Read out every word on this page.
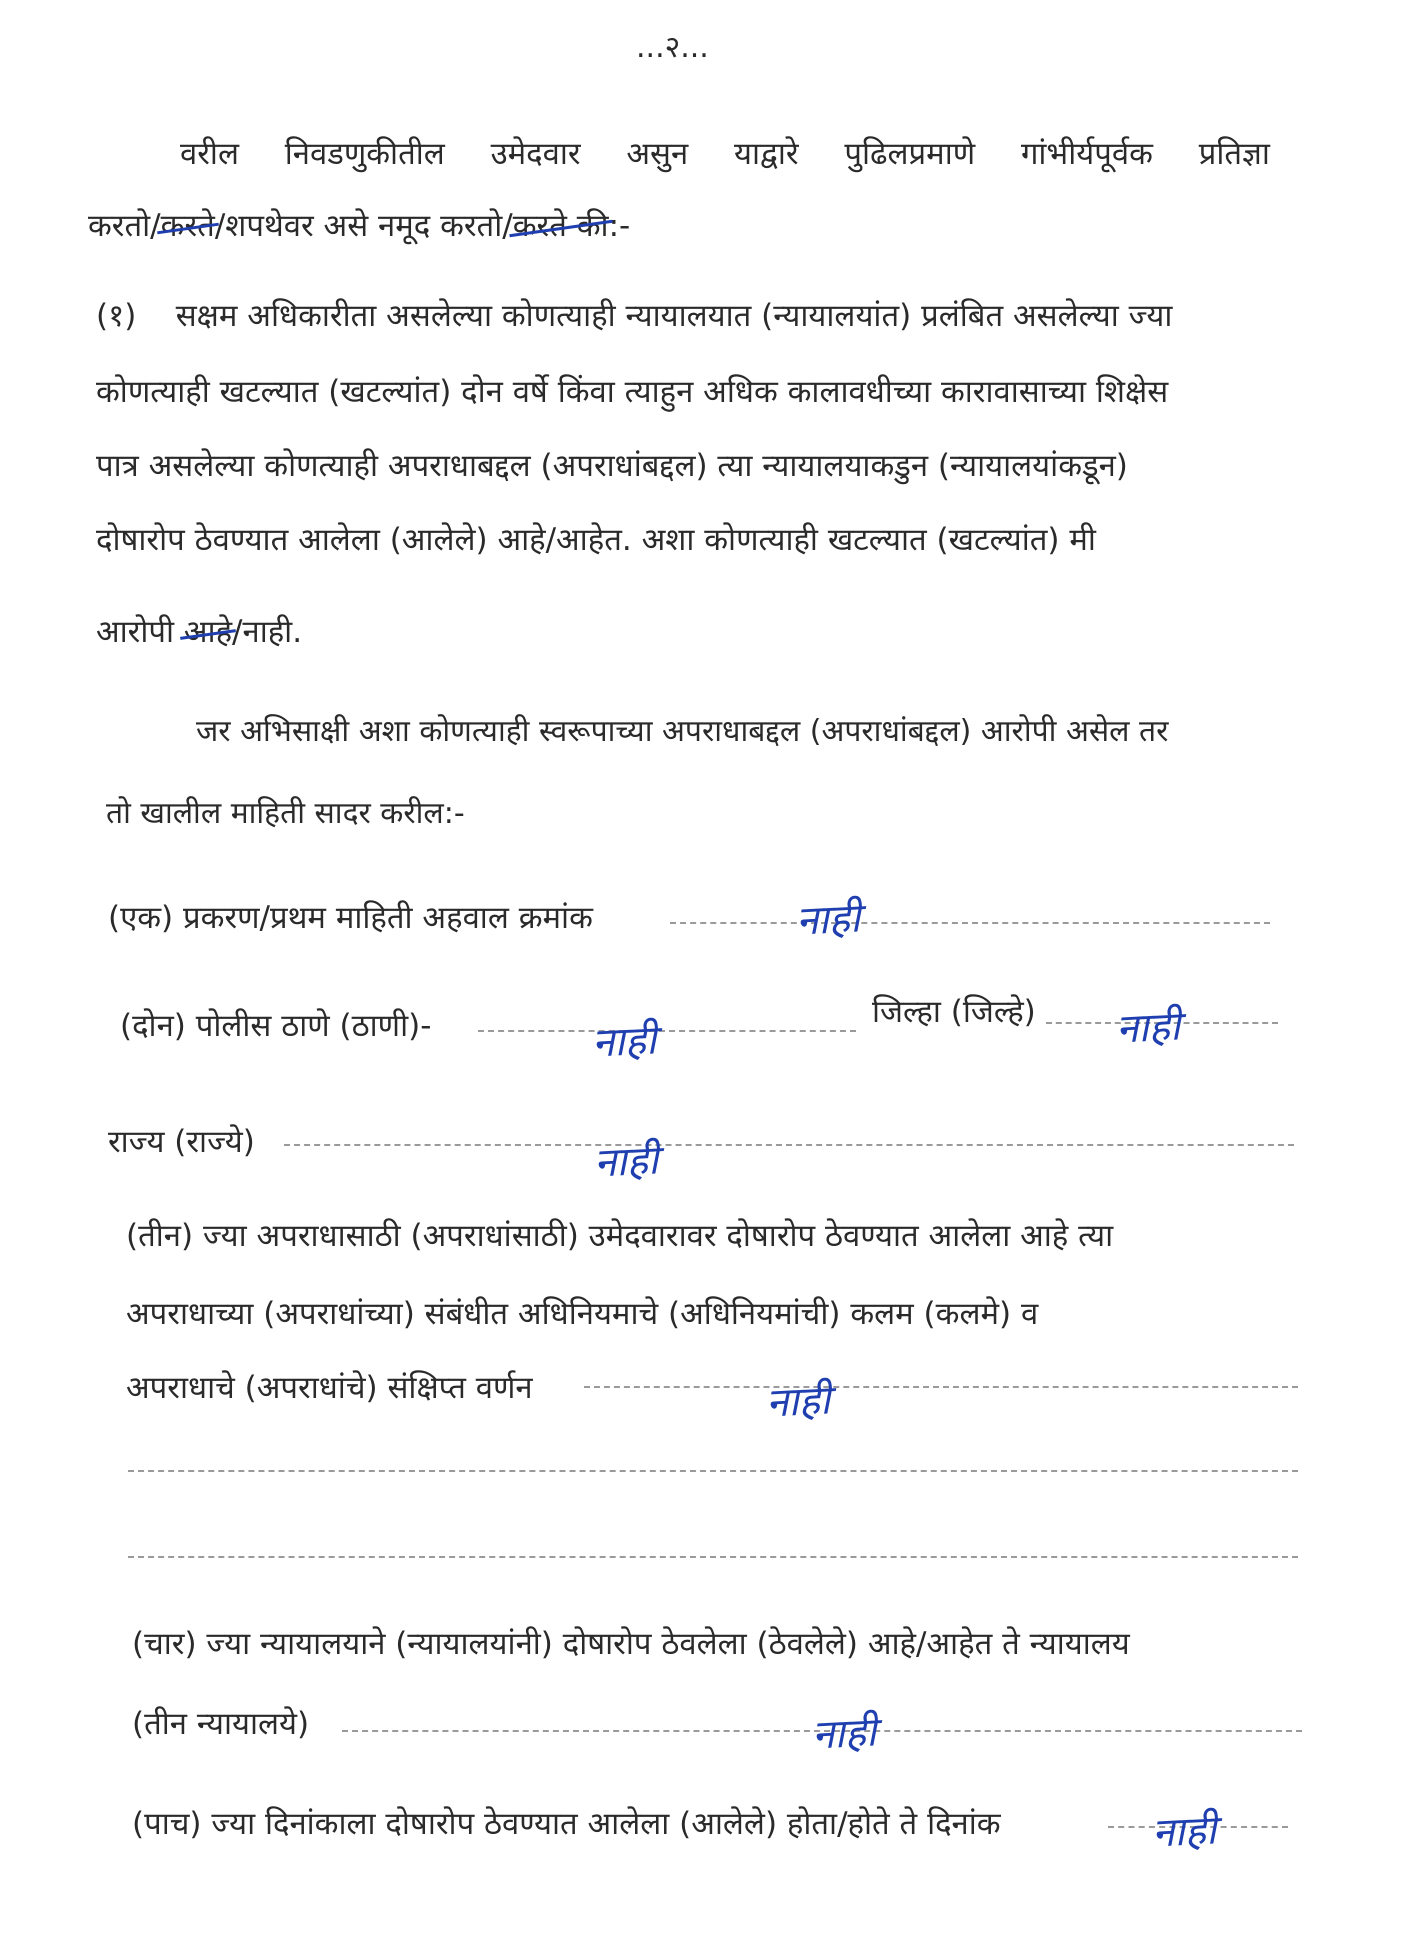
...२...
वरील निवडणुकीतील उमेदवार असुन याद्वारे पुढिलप्रमाणे गांभीर्यपूर्वक प्रतिज्ञा
करतो/करते/शपथेवर असे नमूद करतो/करते की:-
(१)    सक्षम अधिकारीता असलेल्या कोणत्याही न्यायालयात (न्यायालयांत) प्रलंबित असलेल्या ज्या
कोणत्याही खटल्यात (खटल्यांत) दोन वर्षे किंवा त्याहुन अधिक कालावधीच्या कारावासाच्या शिक्षेस
पात्र असलेल्या कोणत्याही अपराधाबद्दल (अपराधांबद्दल) त्या न्यायालयाकडुन (न्यायालयांकडून)
दोषारोप ठेवण्यात आलेला (आलेले) आहे/आहेत. अशा कोणत्याही खटल्यात (खटल्यांत) मी
आरोपी आहे/नाही.
जर अभिसाक्षी अशा कोणत्याही स्वरूपाच्या अपराधाबद्दल (अपराधांबद्दल) आरोपी असेल तर
तो खालील माहिती सादर करील:-
(एक) प्रकरण/प्रथम माहिती अहवाल क्रमांक	नाही
(दोन) पोलीस ठाणे (ठाणी)-	नाही
जिल्हा (जिल्हे) नाही
राज्य (राज्ये)	नाही
(तीन) ज्या अपराधासाठी (अपराधांसाठी) उमेदवारावर दोषारोप ठेवण्यात आलेला आहे त्या
अपराधाच्या (अपराधांच्या) संबंधीत अधिनियमाचे (अधिनियमांची) कलम (कलमे) व
अपराधाचे (अपराधांचे) संक्षिप्त वर्णन	नाही
(चार) ज्या न्यायालयाने (न्यायालयांनी) दोषारोप ठेवलेला (ठेवलेले) आहे/आहेत ते न्यायालय
(तीन न्यायालये)	नाही
(पाच) ज्या दिनांकाला दोषारोप ठेवण्यात आलेला (आलेले) होता/होते ते दिनांक	नाही
